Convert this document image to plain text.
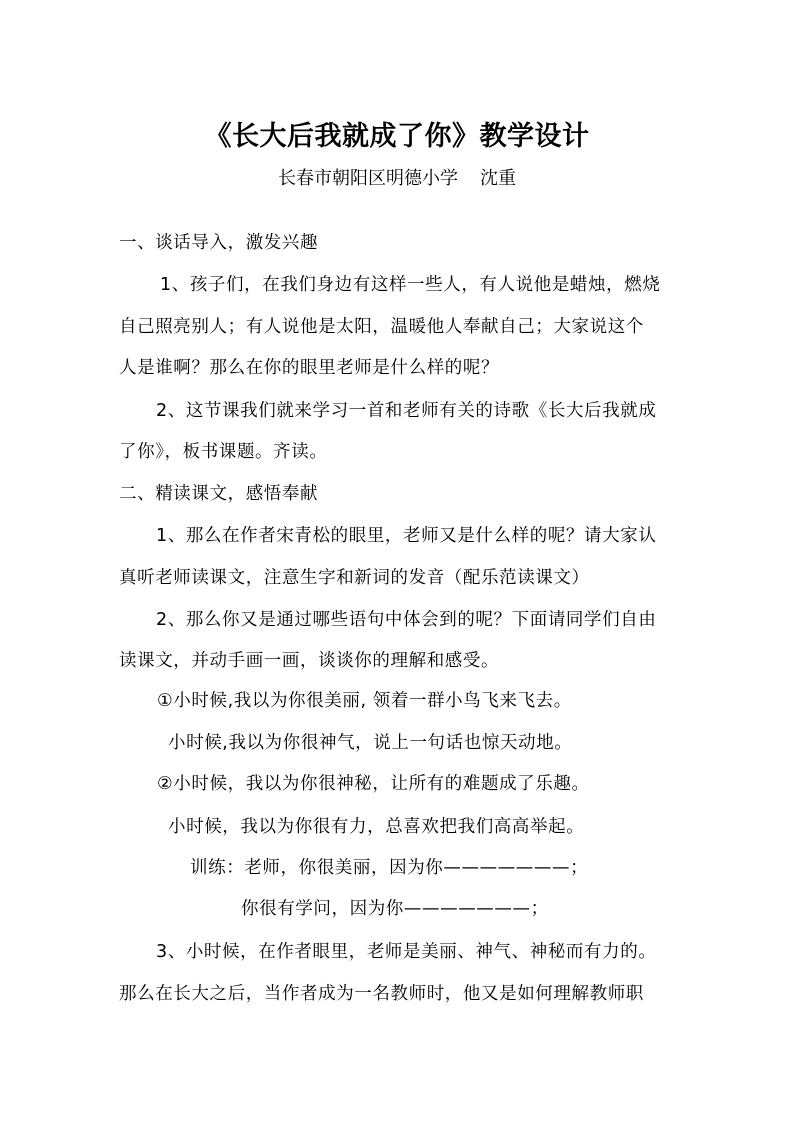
《长大后我就成了你》教学设计
长春市朝阳区明德小学 沈重
一、谈话导入，激发兴趣
1、孩子们，在我们身边有这样一些人，有人说他是蜡烛，燃烧
自己照亮别人；有人说他是太阳，温暖他人奉献自己；大家说这个
人是谁啊？那么在你的眼里老师是什么样的呢？
2、这节课我们就来学习一首和老师有关的诗歌《长大后我就成
了你》，板书课题。齐读。
二、精读课文，感悟奉献
1、那么在作者宋青松的眼里，老师又是什么样的呢？请大家认
真听老师读课文，注意生字和新词的发音（配乐范读课文）
2、那么你又是通过哪些语句中体会到的呢？下面请同学们自由
读课文，并动手画一画，谈谈你的理解和感受。
①小时候,我以为你很美丽, 领着一群小鸟飞来飞去。
小时候,我以为你很神气，说上一句话也惊天动地。
②小时候，我以为你很神秘，让所有的难题成了乐趣。
小时候，我以为你很有力，总喜欢把我们高高举起。
训练：老师，你很美丽，因为你———————；
你很有学问，因为你———————；
3、小时候，在作者眼里，老师是美丽、神气、神秘而有力的。
那么在长大之后，当作者成为一名教师时，他又是如何理解教师职
